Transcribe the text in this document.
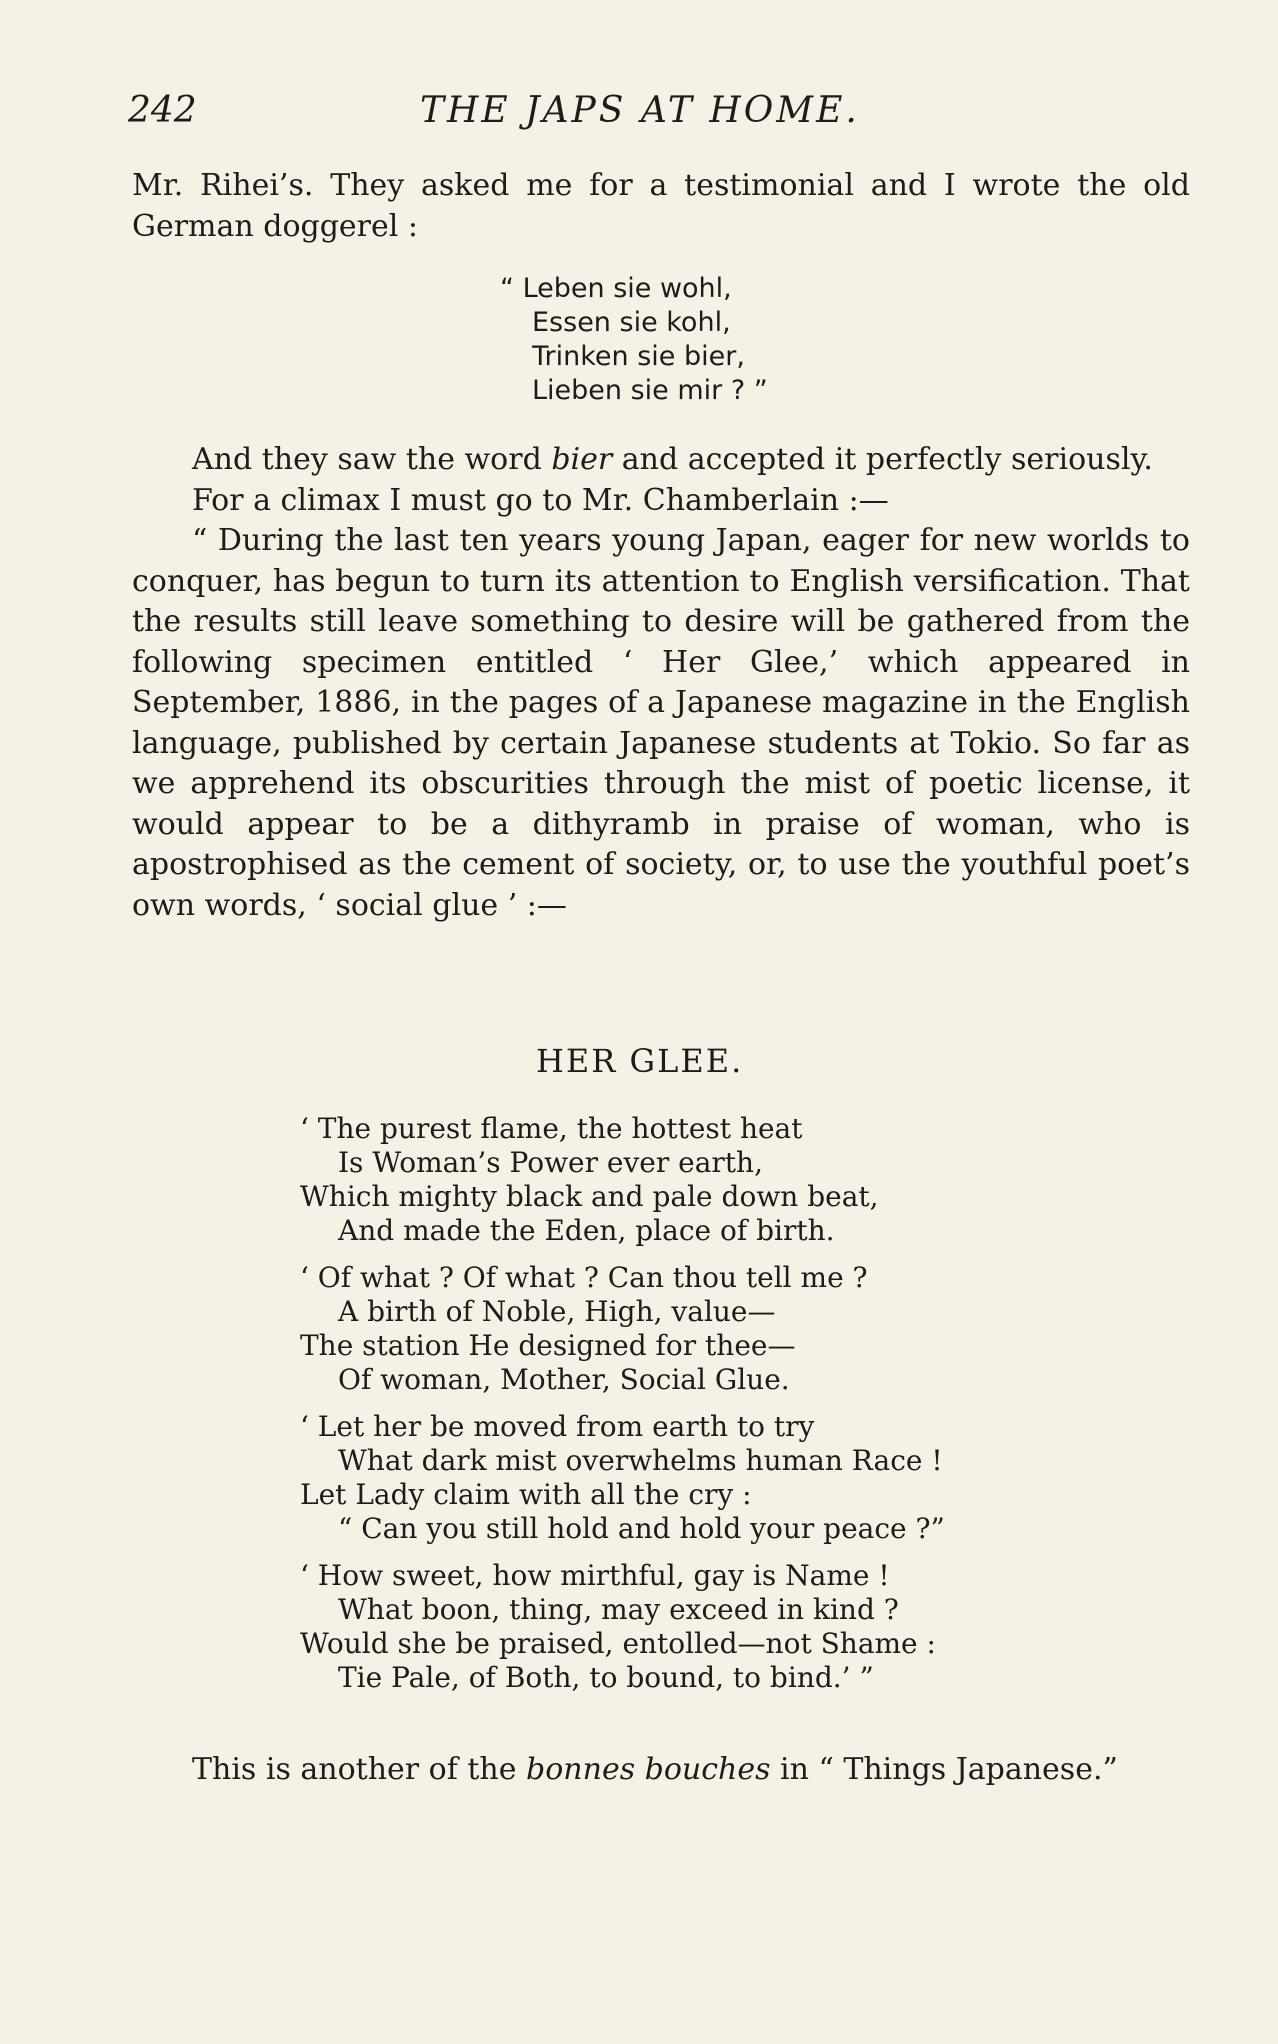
242	THE JAPS AT HOME.

Mr. Rihei’s. They asked me for a testimonial and I wrote the old German doggerel :

“ Leben sie wohl,
Essen sie kohl,
Trinken sie bier,
Lieben sie mir ? ”

And they saw the word bier and accepted it perfectly seriously.

For a climax I must go to Mr. Chamberlain :—

“ During the last ten years young Japan, eager for new worlds to conquer, has begun to turn its attention to English versification. That the results still leave something to desire will be gathered from the following specimen entitled ‘ Her Glee,’ which appeared in September, 1886, in the pages of a Japanese magazine in the English language, published by certain Japanese students at Tokio. So far as we apprehend its obscurities through the mist of poetic license, it would appear to be a dithyramb in praise of woman, who is apostrophised as the cement of society, or, to use the youthful poet’s own words, ‘ social glue ’ :—

HER GLEE.
‘ The purest flame, the hottest heat
Is Woman’s Power ever earth,
Which mighty black and pale down beat,
And made the Eden, place of birth.
‘ Of what ? Of what ? Can thou tell me ?
A birth of Noble, High, value—
The station He designed for thee—
Of woman, Mother, Social Glue.
‘ Let her be moved from earth to try
What dark mist overwhelms human Race !
Let Lady claim with all the cry :
“ Can you still hold and hold your peace ?”
‘ How sweet, how mirthful, gay is Name !
What boon, thing, may exceed in kind ?
Would she be praised, entolled—not Shame :
Tie Pale, of Both, to bound, to bind.’ ”

This is another of the bonnes bouches in “ Things Japanese.”
